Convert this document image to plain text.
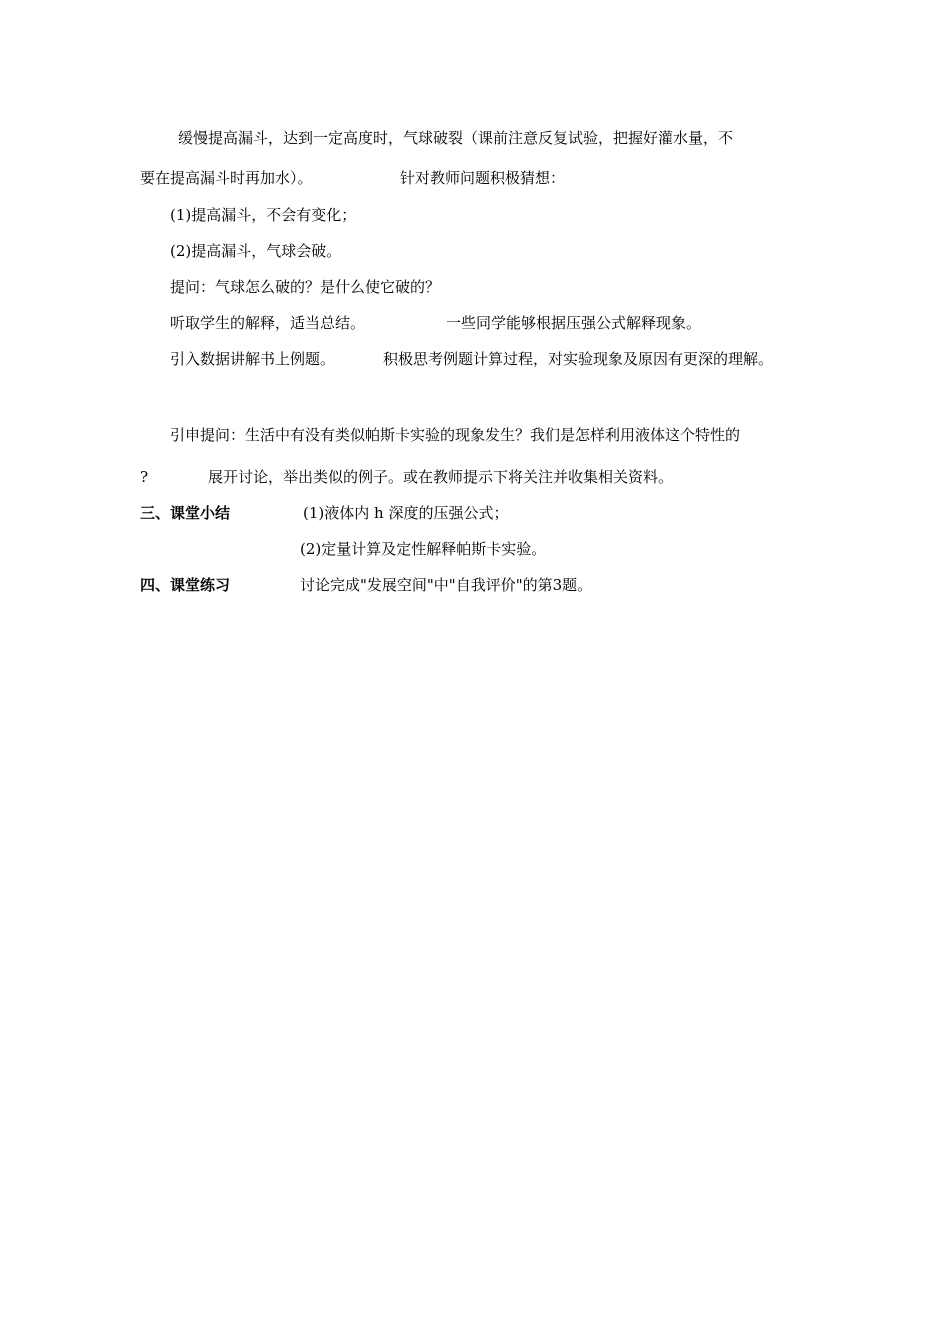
缓慢提高漏斗，达到一定高度时，气球破裂（课前注意反复试验，把握好灌水量，不
要在提高漏斗时再加水）。	针对教师问题积极猜想：
(1)提高漏斗，不会有变化；
(2)提高漏斗，气球会破。
提问：气球怎么破的？是什么使它破的？
听取学生的解释，适当总结。	一些同学能够根据压强公式解释现象。
引入数据讲解书上例题。	积极思考例题计算过程，对实验现象及原因有更深的理解。
引申提问：生活中有没有类似帕斯卡实验的现象发生？我们是怎样利用液体这个特性的
?	展开讨论，举出类似的例子。或在教师提示下将关注并收集相关资料。
三、课堂小结	(1)液体内 h 深度的压强公式；
(2)定量计算及定性解释帕斯卡实验。
四、课堂练习	讨论完成"发展空间"中"自我评价"的第3题。
